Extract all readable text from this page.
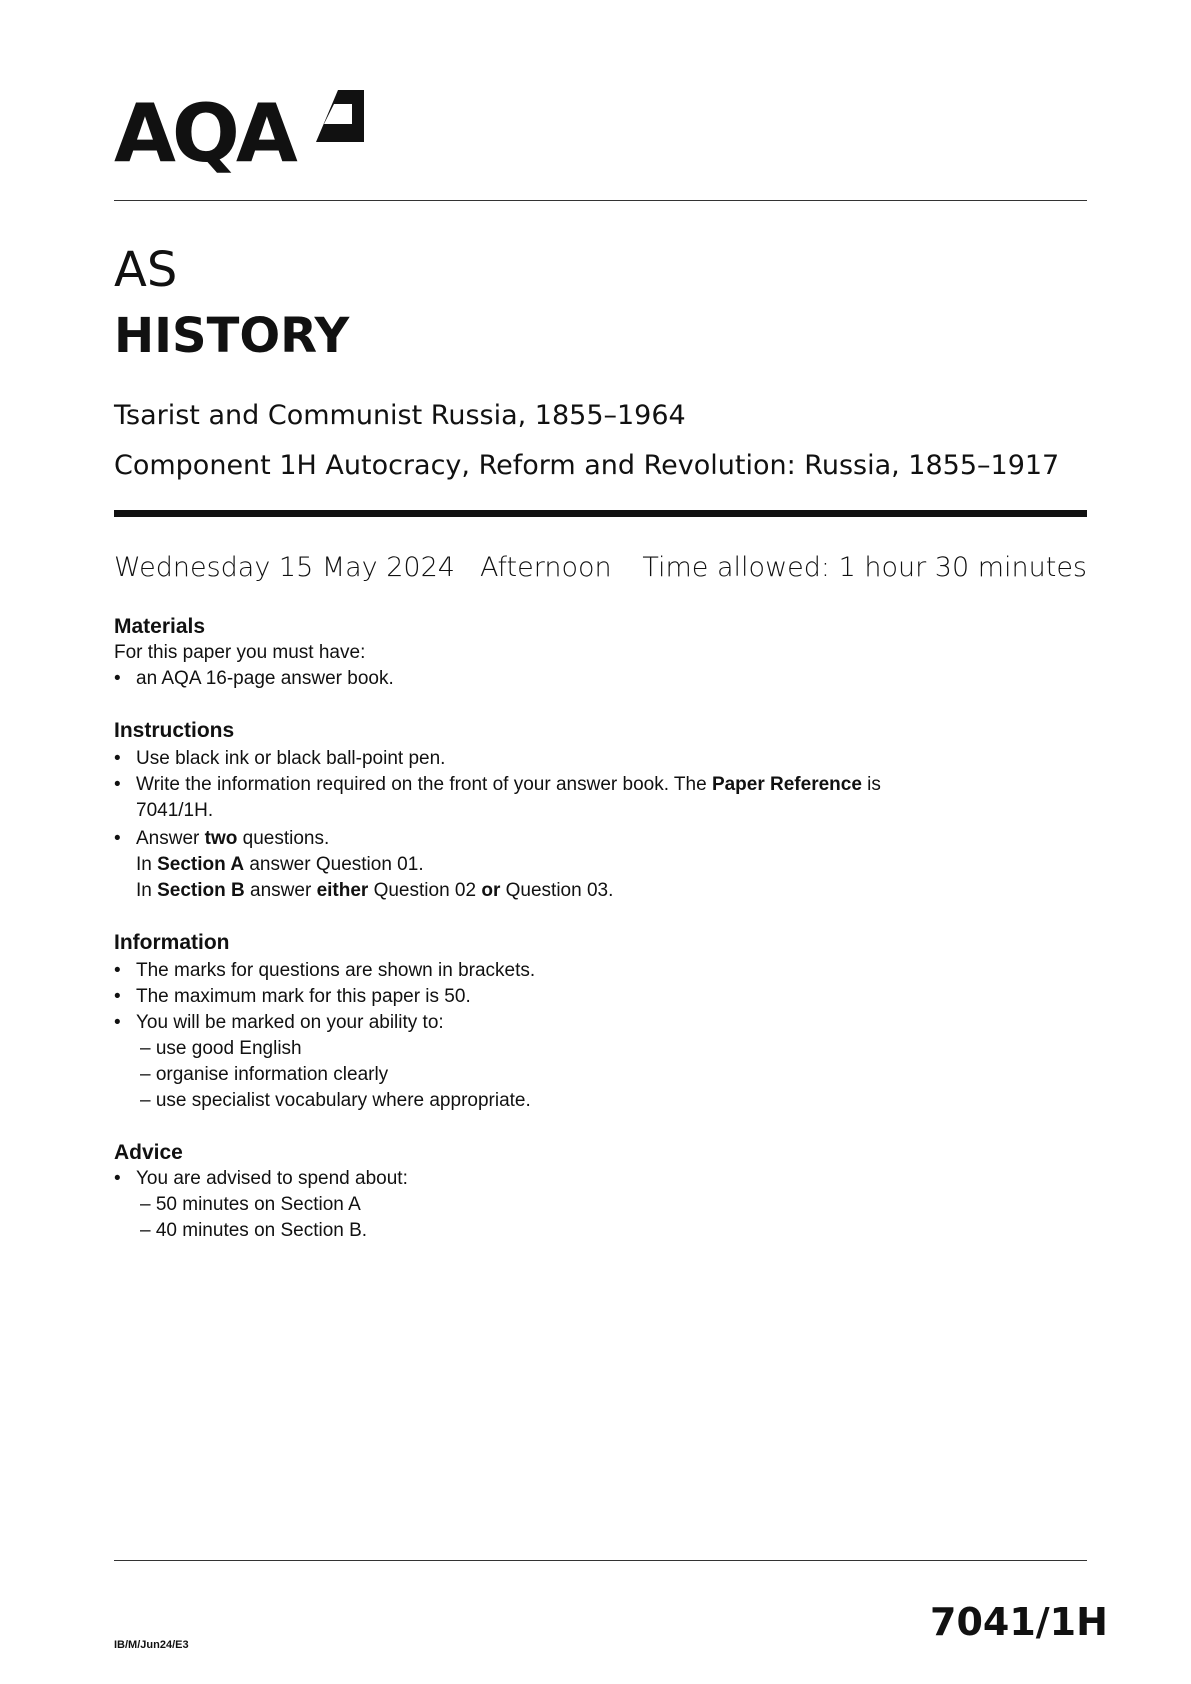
AQA
AS
HISTORY
Tsarist and Communist Russia, 1855–1964
Component 1H Autocracy, Reform and Revolution: Russia, 1855–1917
Wednesday 15 May 2024 Afternoon Time allowed: 1 hour 30 minutes
Materials
For this paper you must have:
• an AQA 16-page answer book.
Instructions
• Use black ink or black ball-point pen.
• Write the information required on the front of your answer book. The Paper Reference is
7041/1H.
• Answer two questions.
In Section A answer Question 01.
In Section B answer either Question 02 or Question 03.
Information
• The marks for questions are shown in brackets.
• The maximum mark for this paper is 50.
• You will be marked on your ability to:
– use good English
– organise information clearly
– use specialist vocabulary where appropriate.
Advice
• You are advised to spend about:
– 50 minutes on Section A
– 40 minutes on Section B.
IB/M/Jun24/E3
7041/1H
